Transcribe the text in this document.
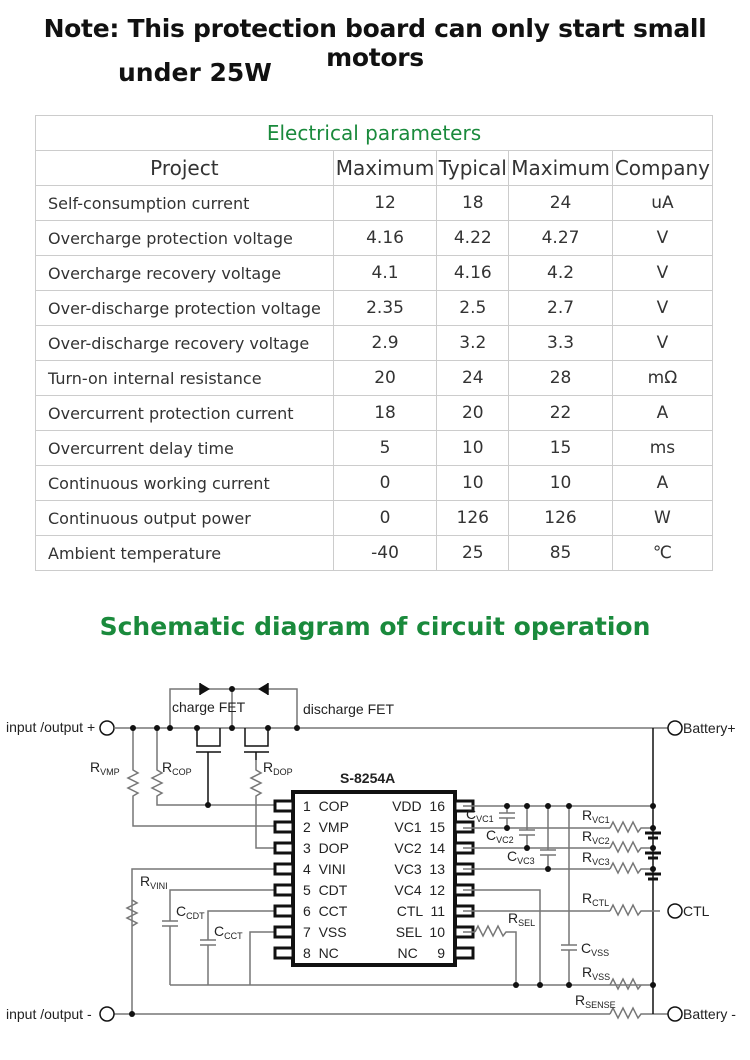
Note: This protection board can only start small motors
under 25W
Electrical parameters				
Project	Maximum	Typical	Maximum	Company
Self-consumption current	12	18	24	uA
Overcharge protection voltage	4.16	4.22	4.27	V
Overcharge recovery voltage	4.1	4.16	4.2	V
Over-discharge protection voltage	2.35	2.5	2.7	V
Over-discharge recovery voltage	2.9	3.2	3.3	V
Turn-on internal resistance	20	24	28	mΩ
Overcurrent protection current	18	20	22	A
Overcurrent delay time	5	10	15	ms
Continuous working current	0	10	10	A
Continuous output power	0	126	126	W
Ambient temperature	-40	25	85	℃
Schematic diagram of circuit operation
input /output +	Battery+
charge FET	discharge FET
$R_{VMP}$	$R_{COP}$	$R_{DOP}$
$R_{VINI}$
$C_{CDT}$
$C_{CCT}$
input /output -	Battery -
$R_{SENSE}$
S-8254A
1  COP	VDD  16
2  VMP	VC1  15
3  DOP	VC2  14
4  VINI	VC3  13
5  CDT	VC4  12
6  CCT	CTL  11
7  VSS	SEL  10
8  NC	NC     9
CTL
$C_{VC1}$
$C_{VC2}$
$C_{VC3}$
$R_{VC1}$
$R_{VC2}$
$R_{VC3}$
$R_{CTL}$
$R_{SEL}$
$C_{VSS}$
$R_{VSS}$
